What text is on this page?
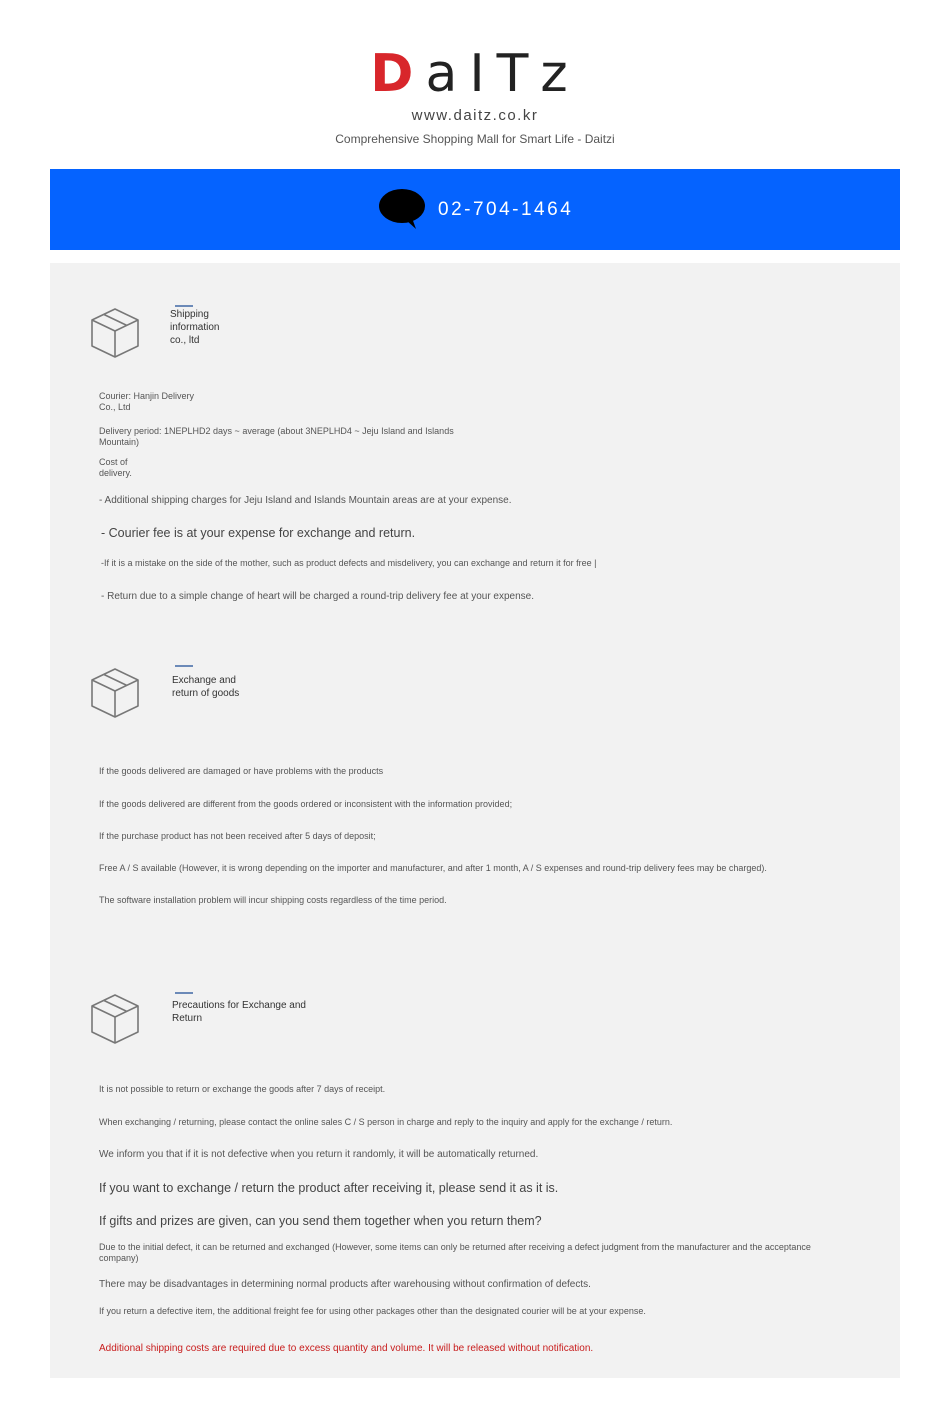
DaITz
www.daitz.co.kr
Comprehensive Shopping Mall for Smart Life - Daitzi
02-704-1464
Shipping information co., ltd
Courier: Hanjin Delivery Co., Ltd
Delivery period: 1NEPLHD2 days ~ average (about 3NEPLHD4 ~ Jeju Island and Islands Mountain)
Cost of delivery.
- Additional shipping charges for Jeju Island and Islands Mountain areas are at your expense.
- Courier fee is at your expense for exchange and return.
-If it is a mistake on the side of the mother, such as product defects and misdelivery, you can exchange and return it for free |
- Return due to a simple change of heart will be charged a round-trip delivery fee at your expense.
Exchange and return of goods
If the goods delivered are damaged or have problems with the products
If the goods delivered are different from the goods ordered or inconsistent with the information provided;
If the purchase product has not been received after 5 days of deposit;
Free A / S available (However, it is wrong depending on the importer and manufacturer, and after 1 month, A / S expenses and round-trip delivery fees may be charged).
The software installation problem will incur shipping costs regardless of the time period.
Precautions for Exchange and Return
It is not possible to return or exchange the goods after 7 days of receipt.
When exchanging / returning, please contact the online sales C / S person in charge and reply to the inquiry and apply for the exchange / return.
We inform you that if it is not defective when you return it randomly, it will be automatically returned.
If you want to exchange / return the product after receiving it, please send it as it is.
If gifts and prizes are given, can you send them together when you return them?
Due to the initial defect, it can be returned and exchanged (However, some items can only be returned after receiving a defect judgment from the manufacturer and the acceptance company)
There may be disadvantages in determining normal products after warehousing without confirmation of defects.
If you return a defective item, the additional freight fee for using other packages other than the designated courier will be at your expense.
Additional shipping costs are required due to excess quantity and volume. It will be released without notification.
